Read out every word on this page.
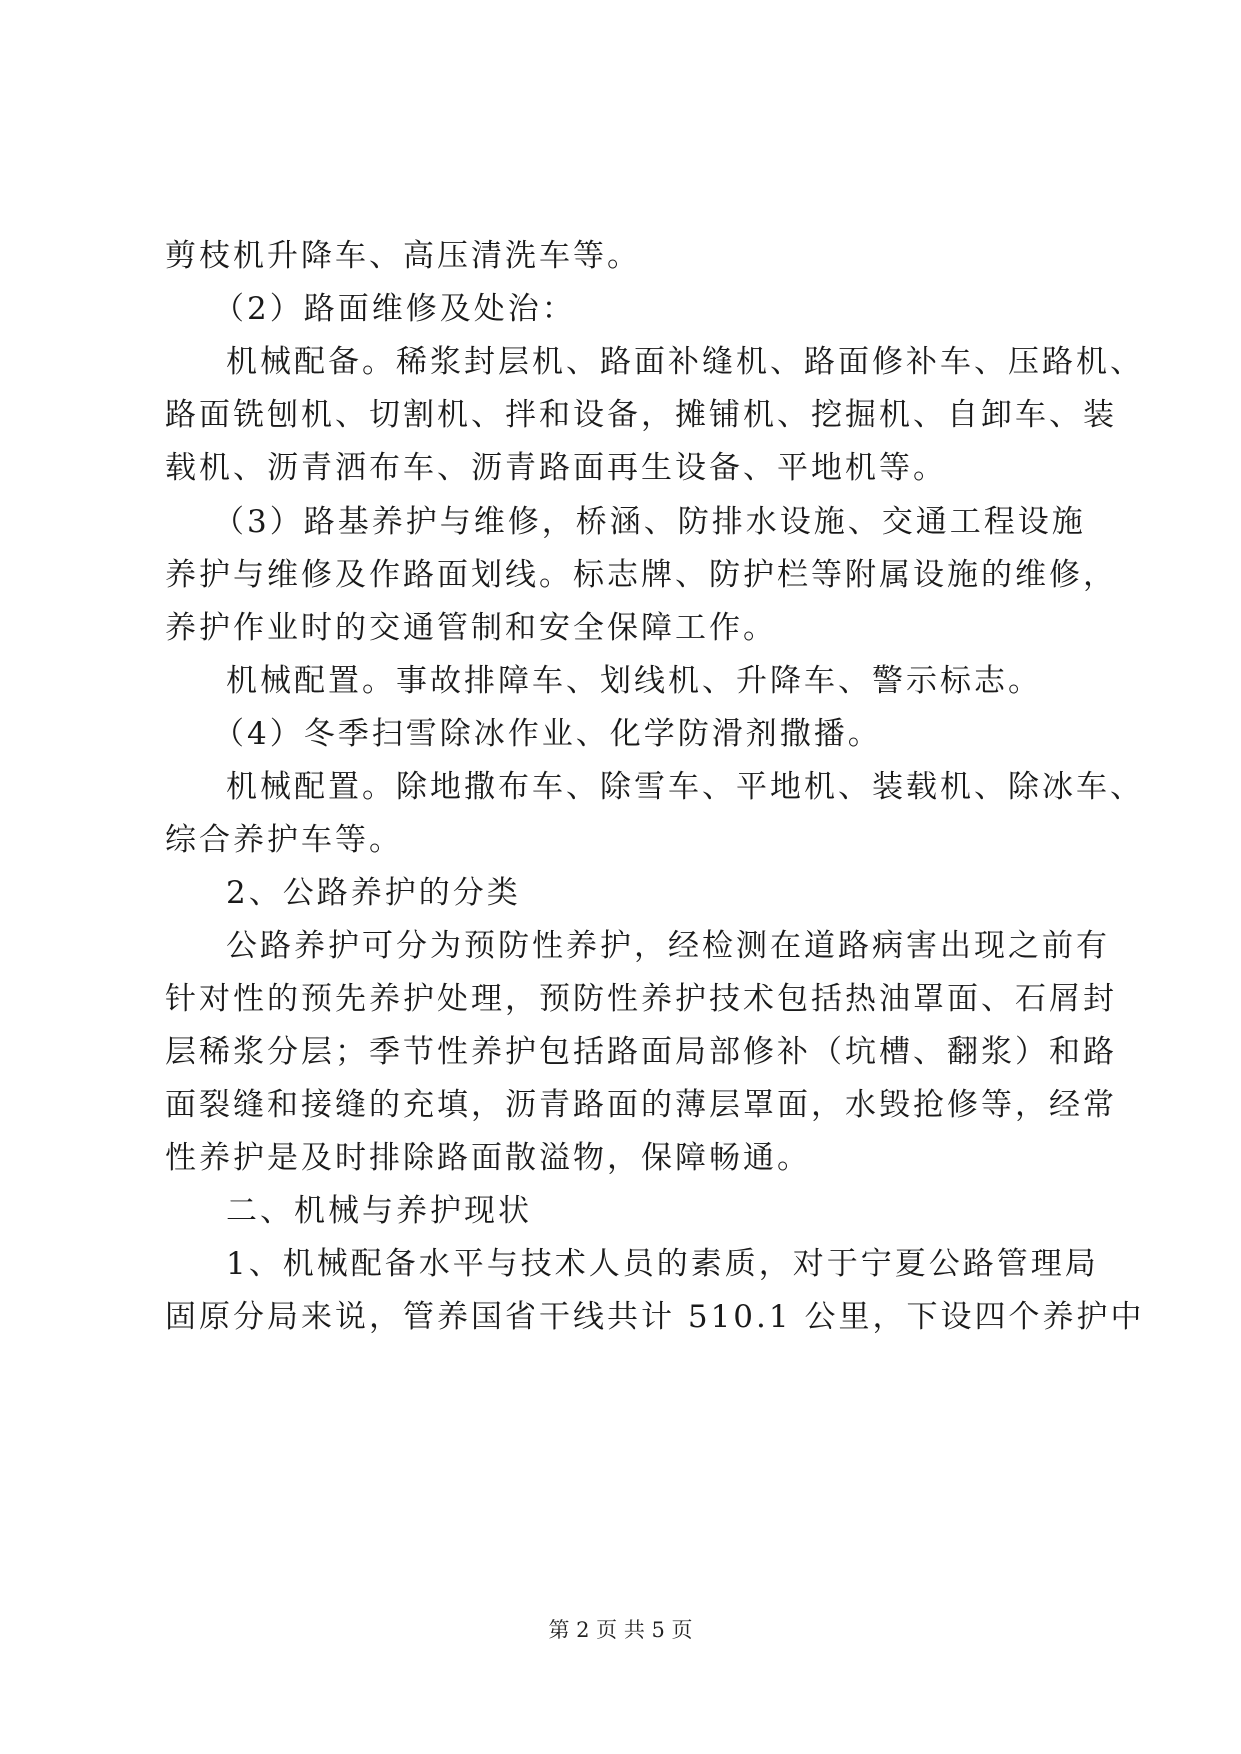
剪枝机升降车、高压清洗车等。
（2）路面维修及处治：
机械配备。稀浆封层机、路面补缝机、路面修补车、压路机、
路面铣刨机、切割机、拌和设备，摊铺机、挖掘机、自卸车、装
载机、沥青洒布车、沥青路面再生设备、平地机等。
（3）路基养护与维修，桥涵、防排水设施、交通工程设施
养护与维修及作路面划线。标志牌、防护栏等附属设施的维修，
养护作业时的交通管制和安全保障工作。
机械配置。事故排障车、划线机、升降车、警示标志。
（4）冬季扫雪除冰作业、化学防滑剂撒播。
机械配置。除地撒布车、除雪车、平地机、装载机、除冰车、
综合养护车等。
2、公路养护的分类
公路养护可分为预防性养护，经检测在道路病害出现之前有
针对性的预先养护处理，预防性养护技术包括热油罩面、石屑封
层稀浆分层；季节性养护包括路面局部修补（坑槽、翻浆）和路
面裂缝和接缝的充填，沥青路面的薄层罩面，水毁抢修等，经常
性养护是及时排除路面散溢物，保障畅通。
二、机械与养护现状
1、机械配备水平与技术人员的素质，对于宁夏公路管理局
固原分局来说，管养国省干线共计 510.1 公里，下设四个养护中
第 2 页 共 5 页
